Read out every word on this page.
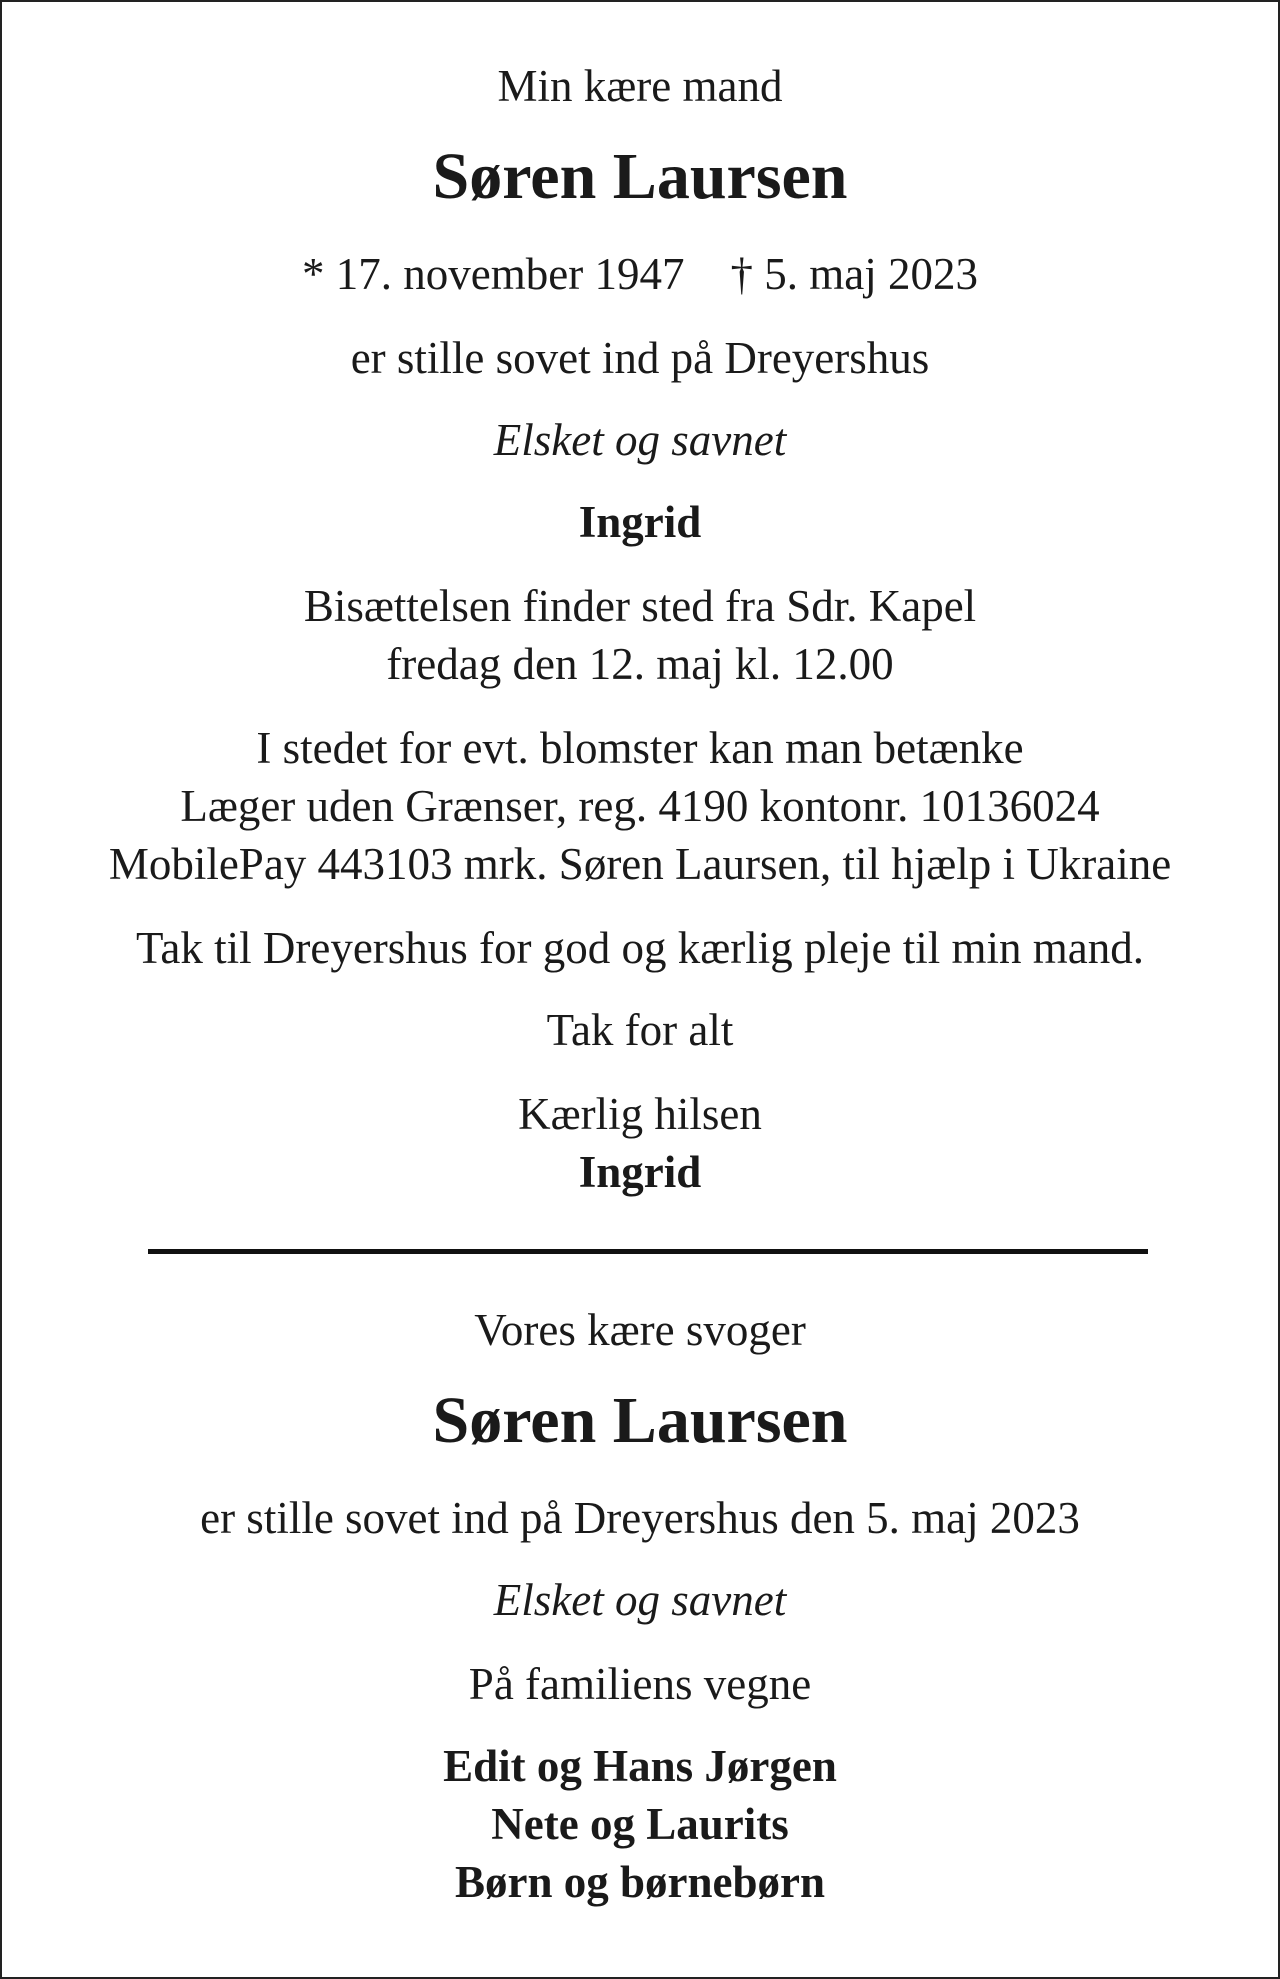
Min kære mand
Søren Laursen
* 17. november 1947 † 5. maj 2023
er stille sovet ind på Dreyershus
Elsket og savnet
Ingrid
Bisættelsen finder sted fra Sdr. Kapel
fredag den 12. maj kl. 12.00
I stedet for evt. blomster kan man betænke
Læger uden Grænser, reg. 4190 kontonr. 10136024
MobilePay 443103 mrk. Søren Laursen, til hjælp i Ukraine
Tak til Dreyershus for god og kærlig pleje til min mand.
Tak for alt
Kærlig hilsen
Ingrid
Vores kære svoger
Søren Laursen
er stille sovet ind på Dreyershus den 5. maj 2023
Elsket og savnet
På familiens vegne
Edit og Hans Jørgen
Nete og Laurits
Børn og børnebørn
